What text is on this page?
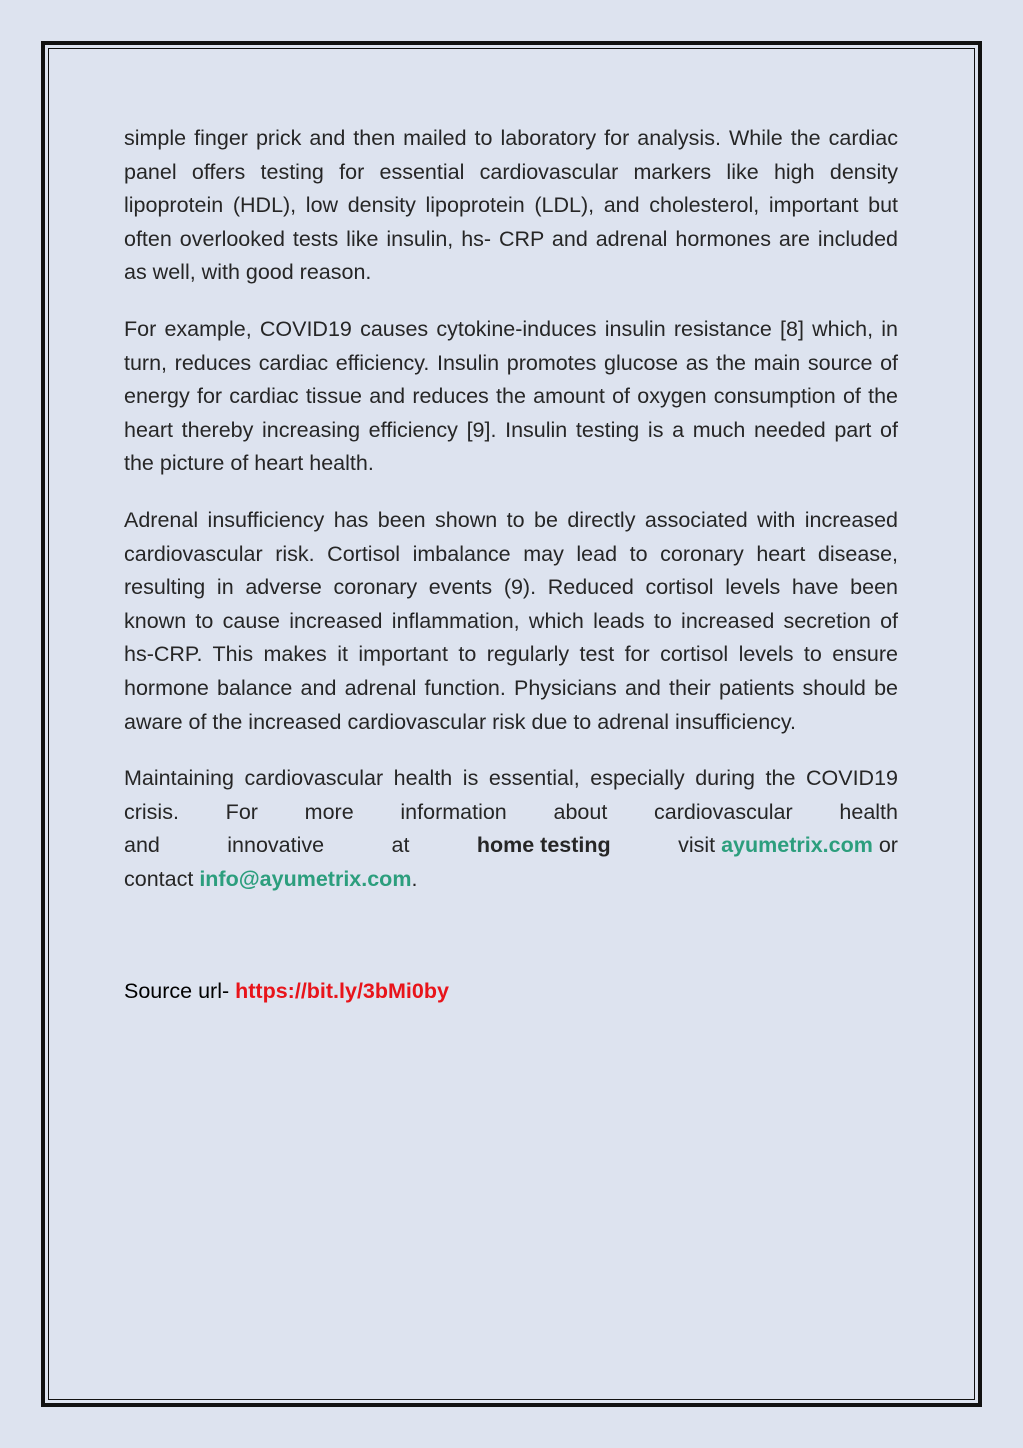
simple finger prick and then mailed to laboratory for analysis. While the cardiac panel offers testing for essential cardiovascular markers like high density lipoprotein (HDL), low density lipoprotein (LDL), and cholesterol, important but often overlooked tests like insulin, hs- CRP and adrenal hormones are included as well, with good reason.

For example, COVID19 causes cytokine-induces insulin resistance [8] which, in turn, reduces cardiac efficiency. Insulin promotes glucose as the main source of energy for cardiac tissue and reduces the amount of oxygen consumption of the heart thereby increasing efficiency [9]. Insulin testing is a much needed part of the picture of heart health.

Adrenal insufficiency has been shown to be directly associated with increased cardiovascular risk. Cortisol imbalance may lead to coronary heart disease, resulting in adverse coronary events (9). Reduced cortisol levels have been known to cause increased inflammation, which leads to increased secretion of hs-CRP. This makes it important to regularly test for cortisol levels to ensure hormone balance and adrenal function. Physicians and their patients should be aware of the increased cardiovascular risk due to adrenal insufficiency.

Maintaining cardiovascular health is essential, especially during the COVID19 crisis. For more information about cardiovascular health
and	innovative	at	home testing	visit ayumetrix.com or
contact info@ayumetrix.com.
Source url- https://bit.ly/3bMi0by
